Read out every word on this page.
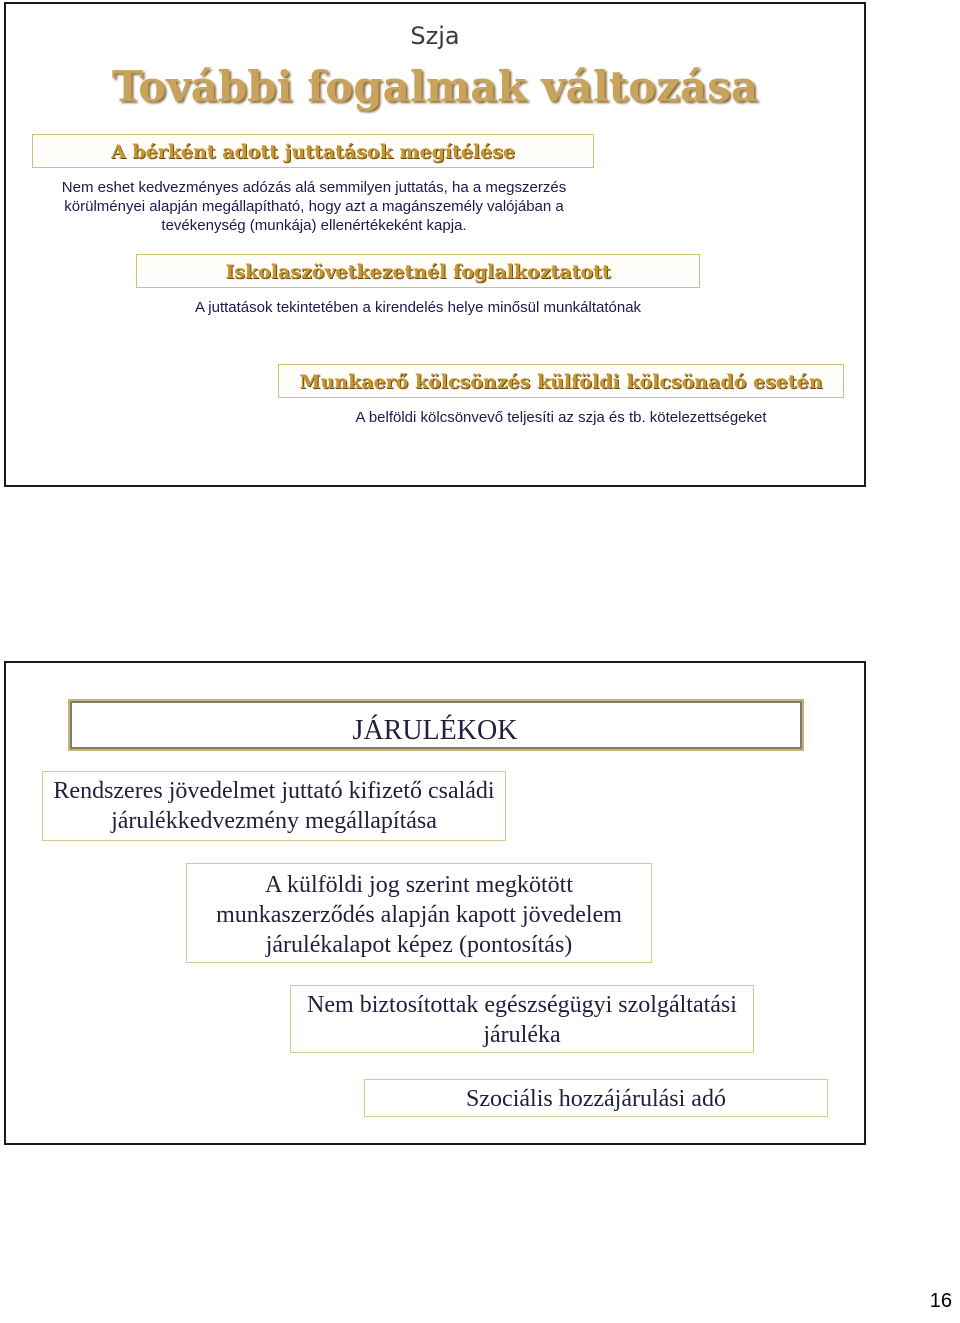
Szja
További fogalmak változása
A bérként adott juttatások megítélése
Nem eshet kedvezményes adózás alá semmilyen juttatás, ha a megszerzés körülményei alapján megállapítható, hogy azt a magánszemély valójában a tevékenység (munkája) ellenértékeként kapja.
Iskolaszövetkezetnél foglalkoztatott
A juttatások tekintetében a kirendelés helye minősül munkáltatónak
Munkaerő kölcsönzés külföldi kölcsönadó esetén
A belföldi kölcsönvevő teljesíti az szja és tb. kötelezettségeket
JÁRULÉKOK
Rendszeres jövedelmet juttató kifizető családi járulékkedvezmény megállapítása
A külföldi jog szerint megkötött munkaszerződés alapján kapott jövedelem járulékalapot képez (pontosítás)
Nem biztosítottak egészségügyi szolgáltatási járuléka
Szociális hozzájárulási adó
16
